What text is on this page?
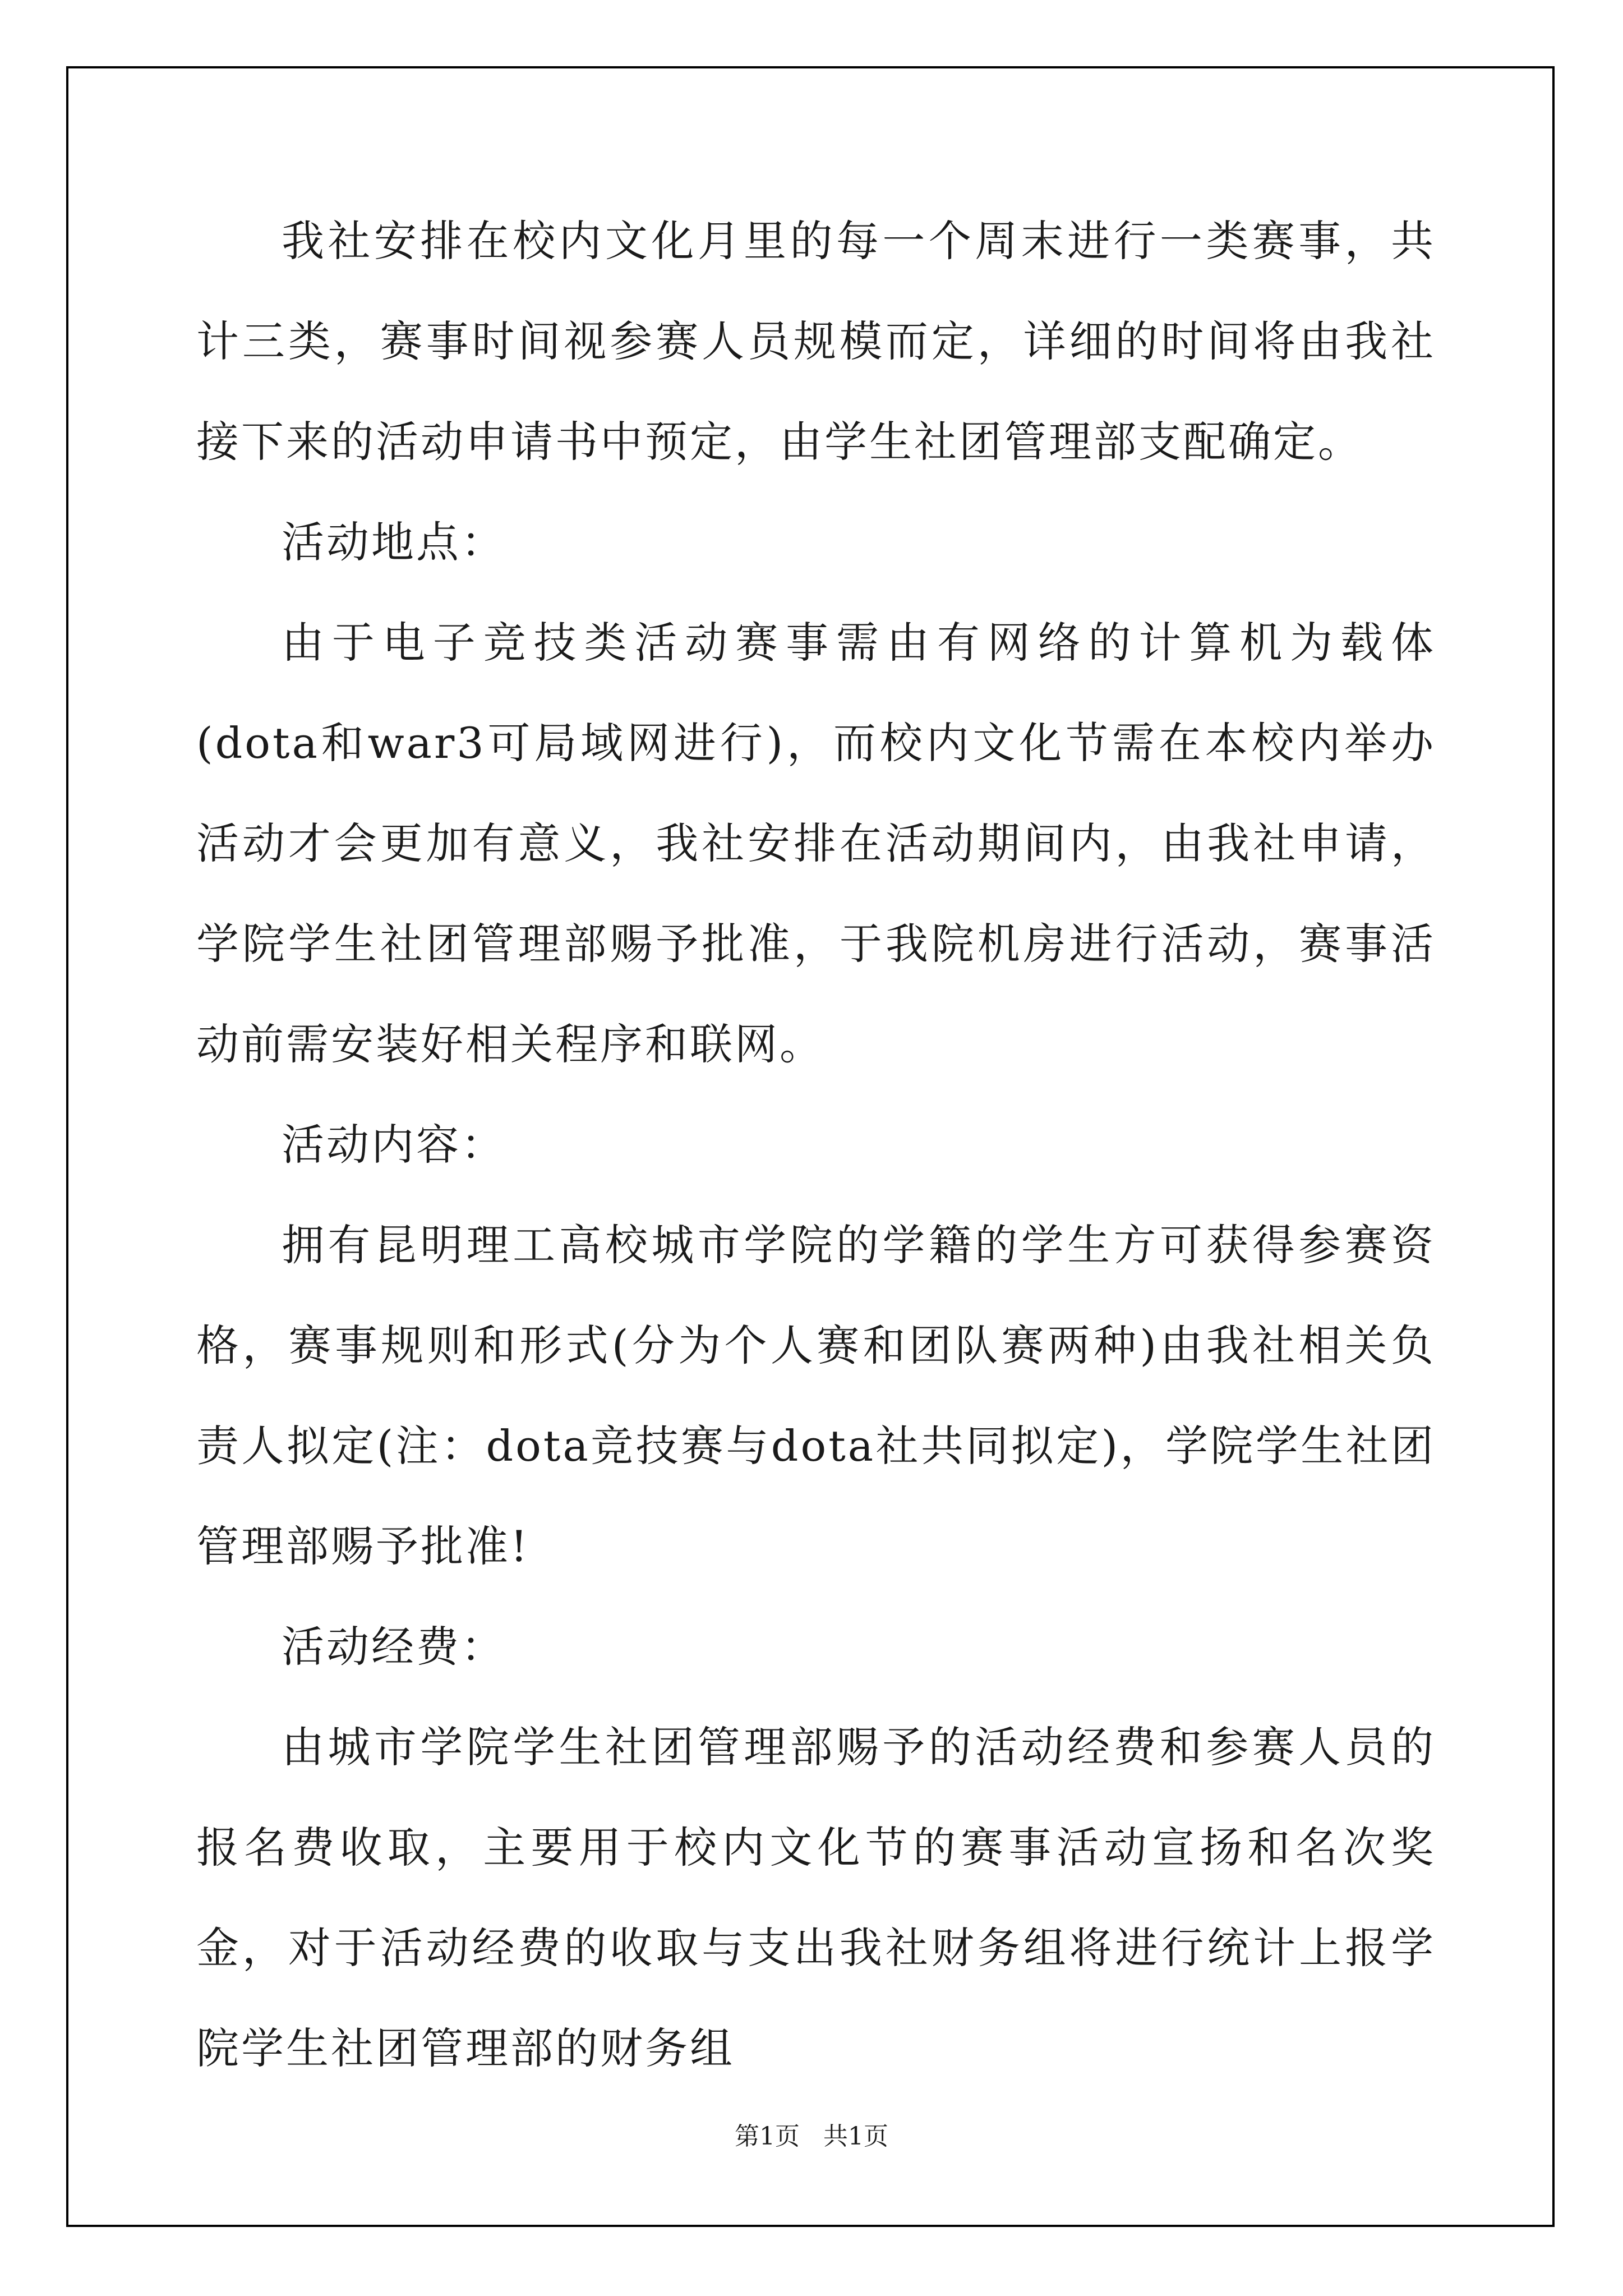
我社安排在校内文化月里的每一个周末进行一类赛事，共计三类，赛事时间视参赛人员规模而定，详细的时间将由我社接下来的活动申请书中预定，由学生社团管理部支配确定。

活动地点：

由于电子竞技类活动赛事需由有网络的计算机为载体(dota和war3可局域网进行)，而校内文化节需在本校内举办活动才会更加有意义，我社安排在活动期间内，由我社申请，学院学生社团管理部赐予批准，于我院机房进行活动，赛事活动前需安装好相关程序和联网。

活动内容：

拥有昆明理工高校城市学院的学籍的学生方可获得参赛资格，赛事规则和形式(分为个人赛和团队赛两种)由我社相关负责人拟定(注：dota竞技赛与dota社共同拟定)，学院学生社团管理部赐予批准!

活动经费：

由城市学院学生社团管理部赐予的活动经费和参赛人员的报名费收取，主要用于校内文化节的赛事活动宣扬和名次奖金，对于活动经费的收取与支出我社财务组将进行统计上报学院学生社团管理部的财务组

第1页   共1页
